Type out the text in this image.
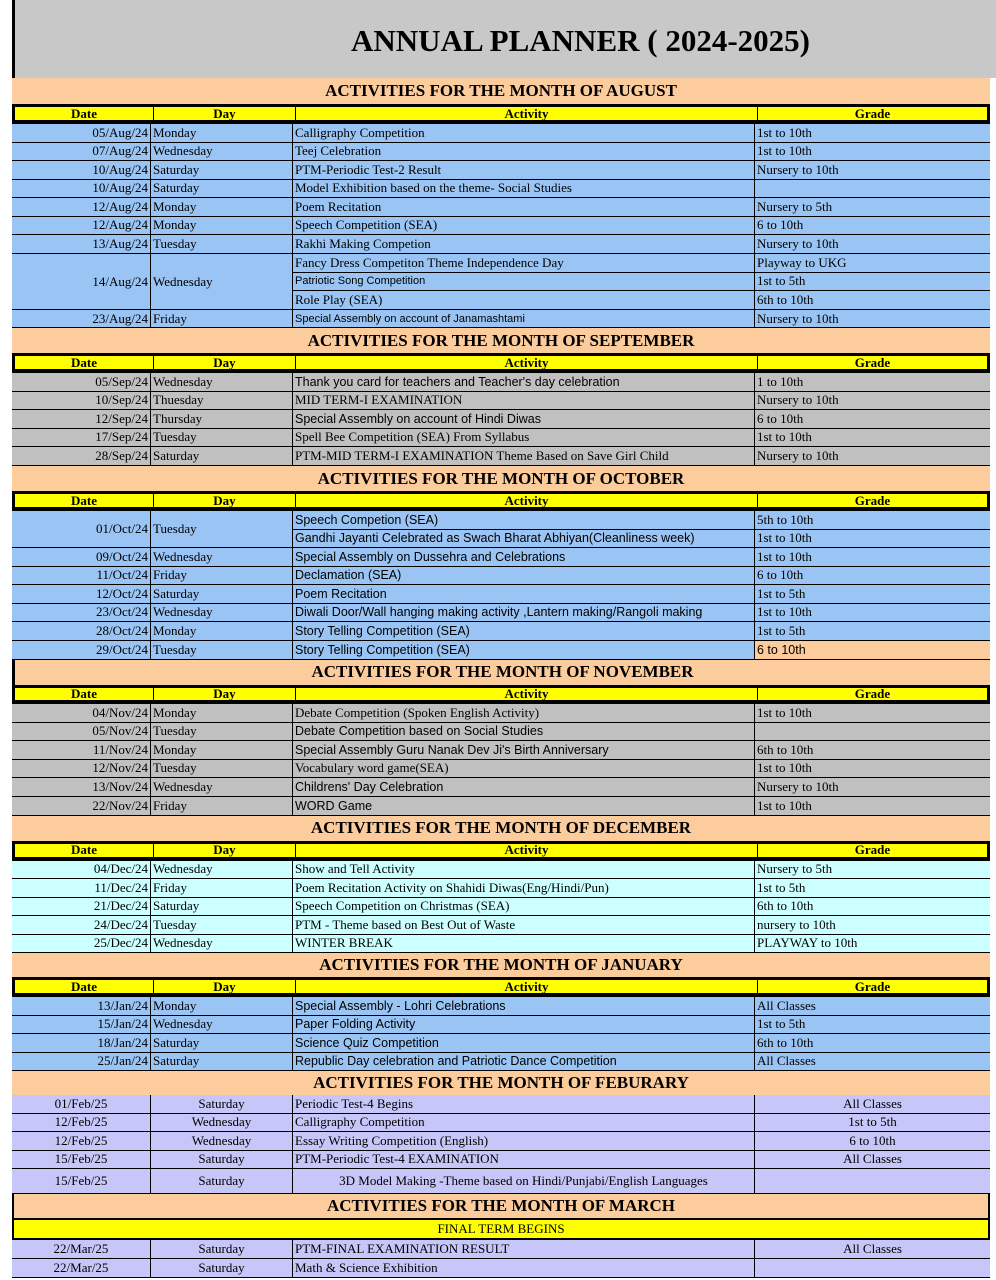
ANNUAL PLANNER ( 2024-2025)
ACTIVITIES FOR THE MONTH OF AUGUST
Date	Day	Activity	Grade
05/Aug/24 Monday	Calligraphy Competition	1st to 10th
07/Aug/24 Wednesday	Teej Celebration	1st to 10th
10/Aug/24 Saturday	PTM-Periodic Test-2 Result	Nursery to 10th
10/Aug/24 Saturday	Model Exhibition based on the theme- Social Studies
12/Aug/24 Monday	Poem Recitation	Nursery to 5th
12/Aug/24 Monday	Speech Competition (SEA)	6 to 10th
13/Aug/24 Tuesday	Rakhi Making Competion	Nursery to 10th
14/Aug/24 Wednesday
Fancy Dress Competiton Theme Independence Day	Playway to UKG
Patriotic Song Competition	1st to 5th
Role Play (SEA)	6th to 10th
23/Aug/24 Friday	Special Assembly on account of Janamashtami	Nursery to 10th
ACTIVITIES FOR THE MONTH OF SEPTEMBER
Date	Day	Activity	Grade
05/Sep/24 Wednesday	Thank you card for teachers and Teacher's day celebration	1 to 10th
10/Sep/24 Thuesday	MID TERM-I EXAMINATION	Nursery to 10th
12/Sep/24 Thursday	Special Assembly on account of Hindi Diwas	6 to 10th
17/Sep/24 Tuesday	Spell Bee Competition (SEA) From Syllabus	1st to 10th
28/Sep/24 Saturday	PTM-MID TERM-I EXAMINATION Theme Based on Save Girl Child	Nursery to 10th
ACTIVITIES FOR THE MONTH OF OCTOBER
Date	Day	Activity	Grade
01/Oct/24 Tuesday
Speech Competion (SEA)	5th to 10th
Gandhi Jayanti Celebrated as Swach Bharat Abhiyan(Cleanliness week)	1st to 10th
09/Oct/24 Wednesday	Special Assembly on Dussehra and Celebrations	1st to 10th
11/Oct/24 Friday	Declamation (SEA)	6 to 10th
12/Oct/24 Saturday	Poem Recitation	1st to 5th
23/Oct/24 Wednesday	Diwali Door/Wall hanging making activity ,Lantern making/Rangoli making	1st to 10th
28/Oct/24 Monday	Story Telling Competition (SEA)	1st to 5th
29/Oct/24 Tuesday	Story Telling Competition (SEA)	6 to 10th
ACTIVITIES FOR THE MONTH OF NOVEMBER
Date	Day	Activity	Grade
04/Nov/24 Monday	Debate Competition (Spoken English Activity)	1st to 10th
05/Nov/24 Tuesday	Debate Competition based on Social Studies
11/Nov/24 Monday	Special Assembly Guru Nanak Dev Ji's Birth Anniversary	6th to 10th
12/Nov/24 Tuesday	Vocabulary word game(SEA)	1st to 10th
13/Nov/24 Wednesday	Childrens' Day Celebration	Nursery to 10th
22/Nov/24 Friday	WORD Game	1st to 10th
ACTIVITIES FOR THE MONTH OF DECEMBER
Date	Day	Activity	Grade
04/Dec/24 Wednesday	Show and Tell Activity	Nursery to 5th
11/Dec/24 Friday	Poem Recitation Activity on Shahidi Diwas(Eng/Hindi/Pun)	1st to 5th
21/Dec/24 Saturday	Speech Competition on Christmas (SEA)	6th to 10th
24/Dec/24 Tuesday	PTM - Theme based on Best Out of Waste	nursery to 10th
25/Dec/24 Wednesday	WINTER BREAK	PLAYWAY to 10th
ACTIVITIES FOR THE MONTH OF JANUARY
Date	Day	Activity	Grade
13/Jan/24 Monday	Special Assembly - Lohri Celebrations	All Classes
15/Jan/24 Wednesday	Paper Folding Activity	1st to 5th
18/Jan/24 Saturday	Science Quiz Competition	6th to 10th
25/Jan/24 Saturday	Republic Day celebration and Patriotic Dance Competition	All Classes
ACTIVITIES FOR THE MONTH OF FEBURARY
01/Feb/25	Saturday	Periodic Test-4 Begins	All Classes
12/Feb/25	Wednesday	Calligraphy Competition	1st to 5th
12/Feb/25	Wednesday	Essay Writing Competition (English)	6 to 10th
15/Feb/25	Saturday	PTM-Periodic Test-4 EXAMINATION	All Classes
15/Feb/25	Saturday	3D Model Making -Theme based on Hindi/Punjabi/English Languages
ACTIVITIES FOR THE MONTH OF MARCH
FINAL TERM BEGINS
22/Mar/25	Saturday	PTM-FINAL EXAMINATION RESULT	All Classes
22/Mar/25	Saturday	Math & Science Exhibition
